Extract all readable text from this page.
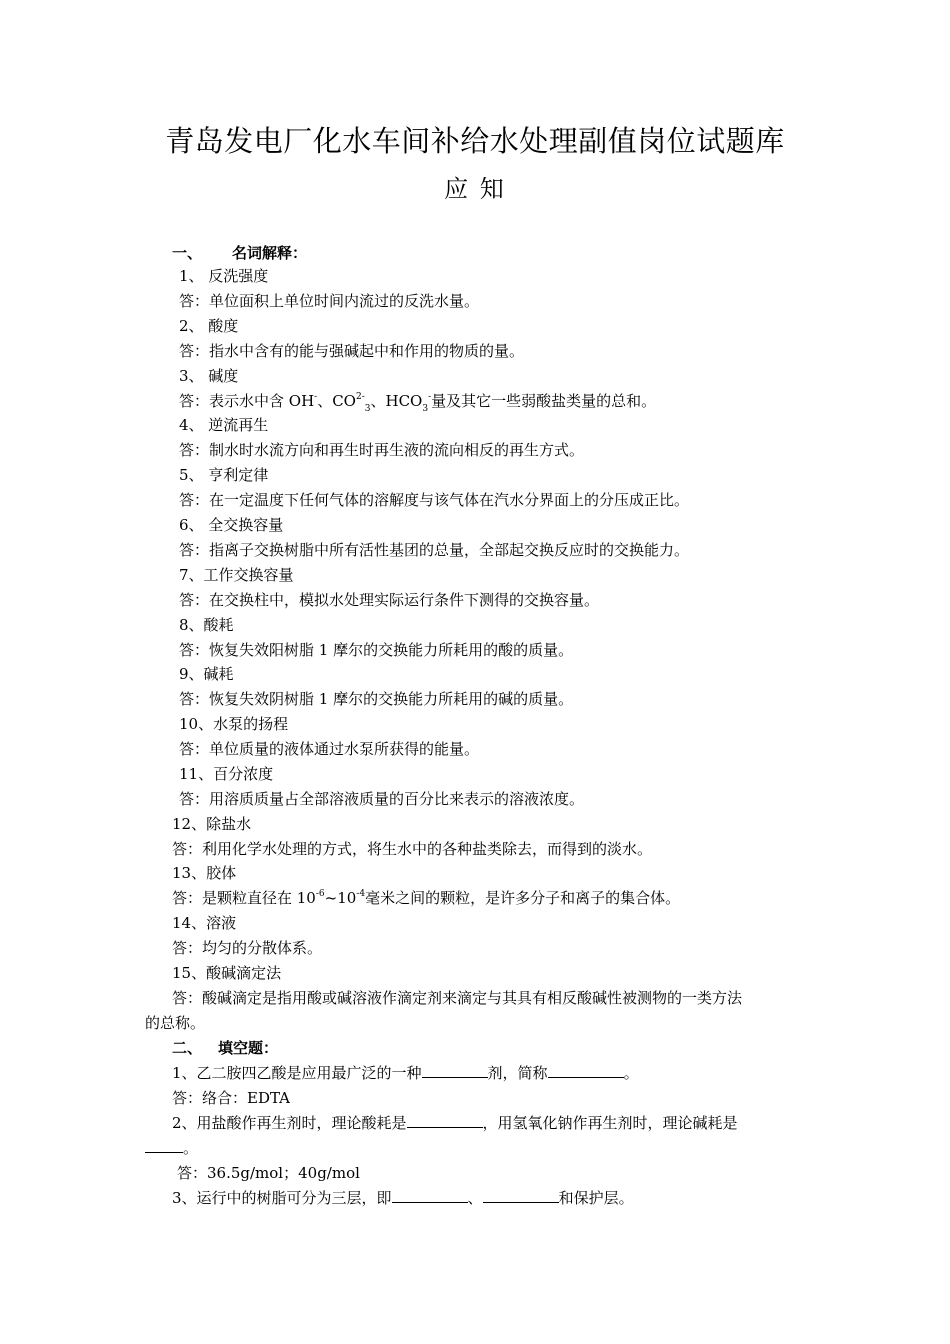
青岛发电厂化水车间补给水处理副值岗位试题库
应 知
一、 名词解释：
1、 反洗强度
答：单位面积上单位时间内流过的反洗水量。
2、 酸度
答：指水中含有的能与强碱起中和作用的物质的量。
3、 碱度
答：表示水中含 OH-、$CO^{2-}_3$、$HCO_3^-$量及其它一些弱酸盐类量的总和。
4、 逆流再生
答：制水时水流方向和再生时再生液的流向相反的再生方式。
5、 亨利定律
答：在一定温度下任何气体的溶解度与该气体在汽水分界面上的分压成正比。
6、 全交换容量
答：指离子交换树脂中所有活性基团的总量，全部起交换反应时的交换能力。
7、工作交换容量
答：在交换柱中，模拟水处理实际运行条件下测得的交换容量。
8、酸耗
答：恢复失效阳树脂 1 摩尔的交换能力所耗用的酸的质量。
9、碱耗
答：恢复失效阴树脂 1 摩尔的交换能力所耗用的碱的质量。
10、水泵的扬程
答：单位质量的液体通过水泵所获得的能量。
11、百分浓度
答：用溶质质量占全部溶液质量的百分比来表示的溶液浓度。
12、除盐水
答：利用化学水处理的方式，将生水中的各种盐类除去，而得到的淡水。
13、胶体
答：是颗粒直径在 $10^{-6}\sim 10^{-4}$毫米之间的颗粒，是许多分子和离子的集合体。
14、溶液
答：均匀的分散体系。
15、酸碱滴定法
答：酸碱滴定是指用酸或碱溶液作滴定剂来滴定与其具有相反酸碱性被测物的一类方法
的总称。
二、 填空题：
1、乙二胺四乙酸是应用最广泛的一种	剂，简称	。
答：络合：EDTA
2、用盐酸作再生剂时，理论酸耗是	，用氢氧化钠作再生剂时，理论碱耗是
。
答：36.5g/mol；40g/mol
3、运行中的树脂可分为三层，即	、	和保护层。
